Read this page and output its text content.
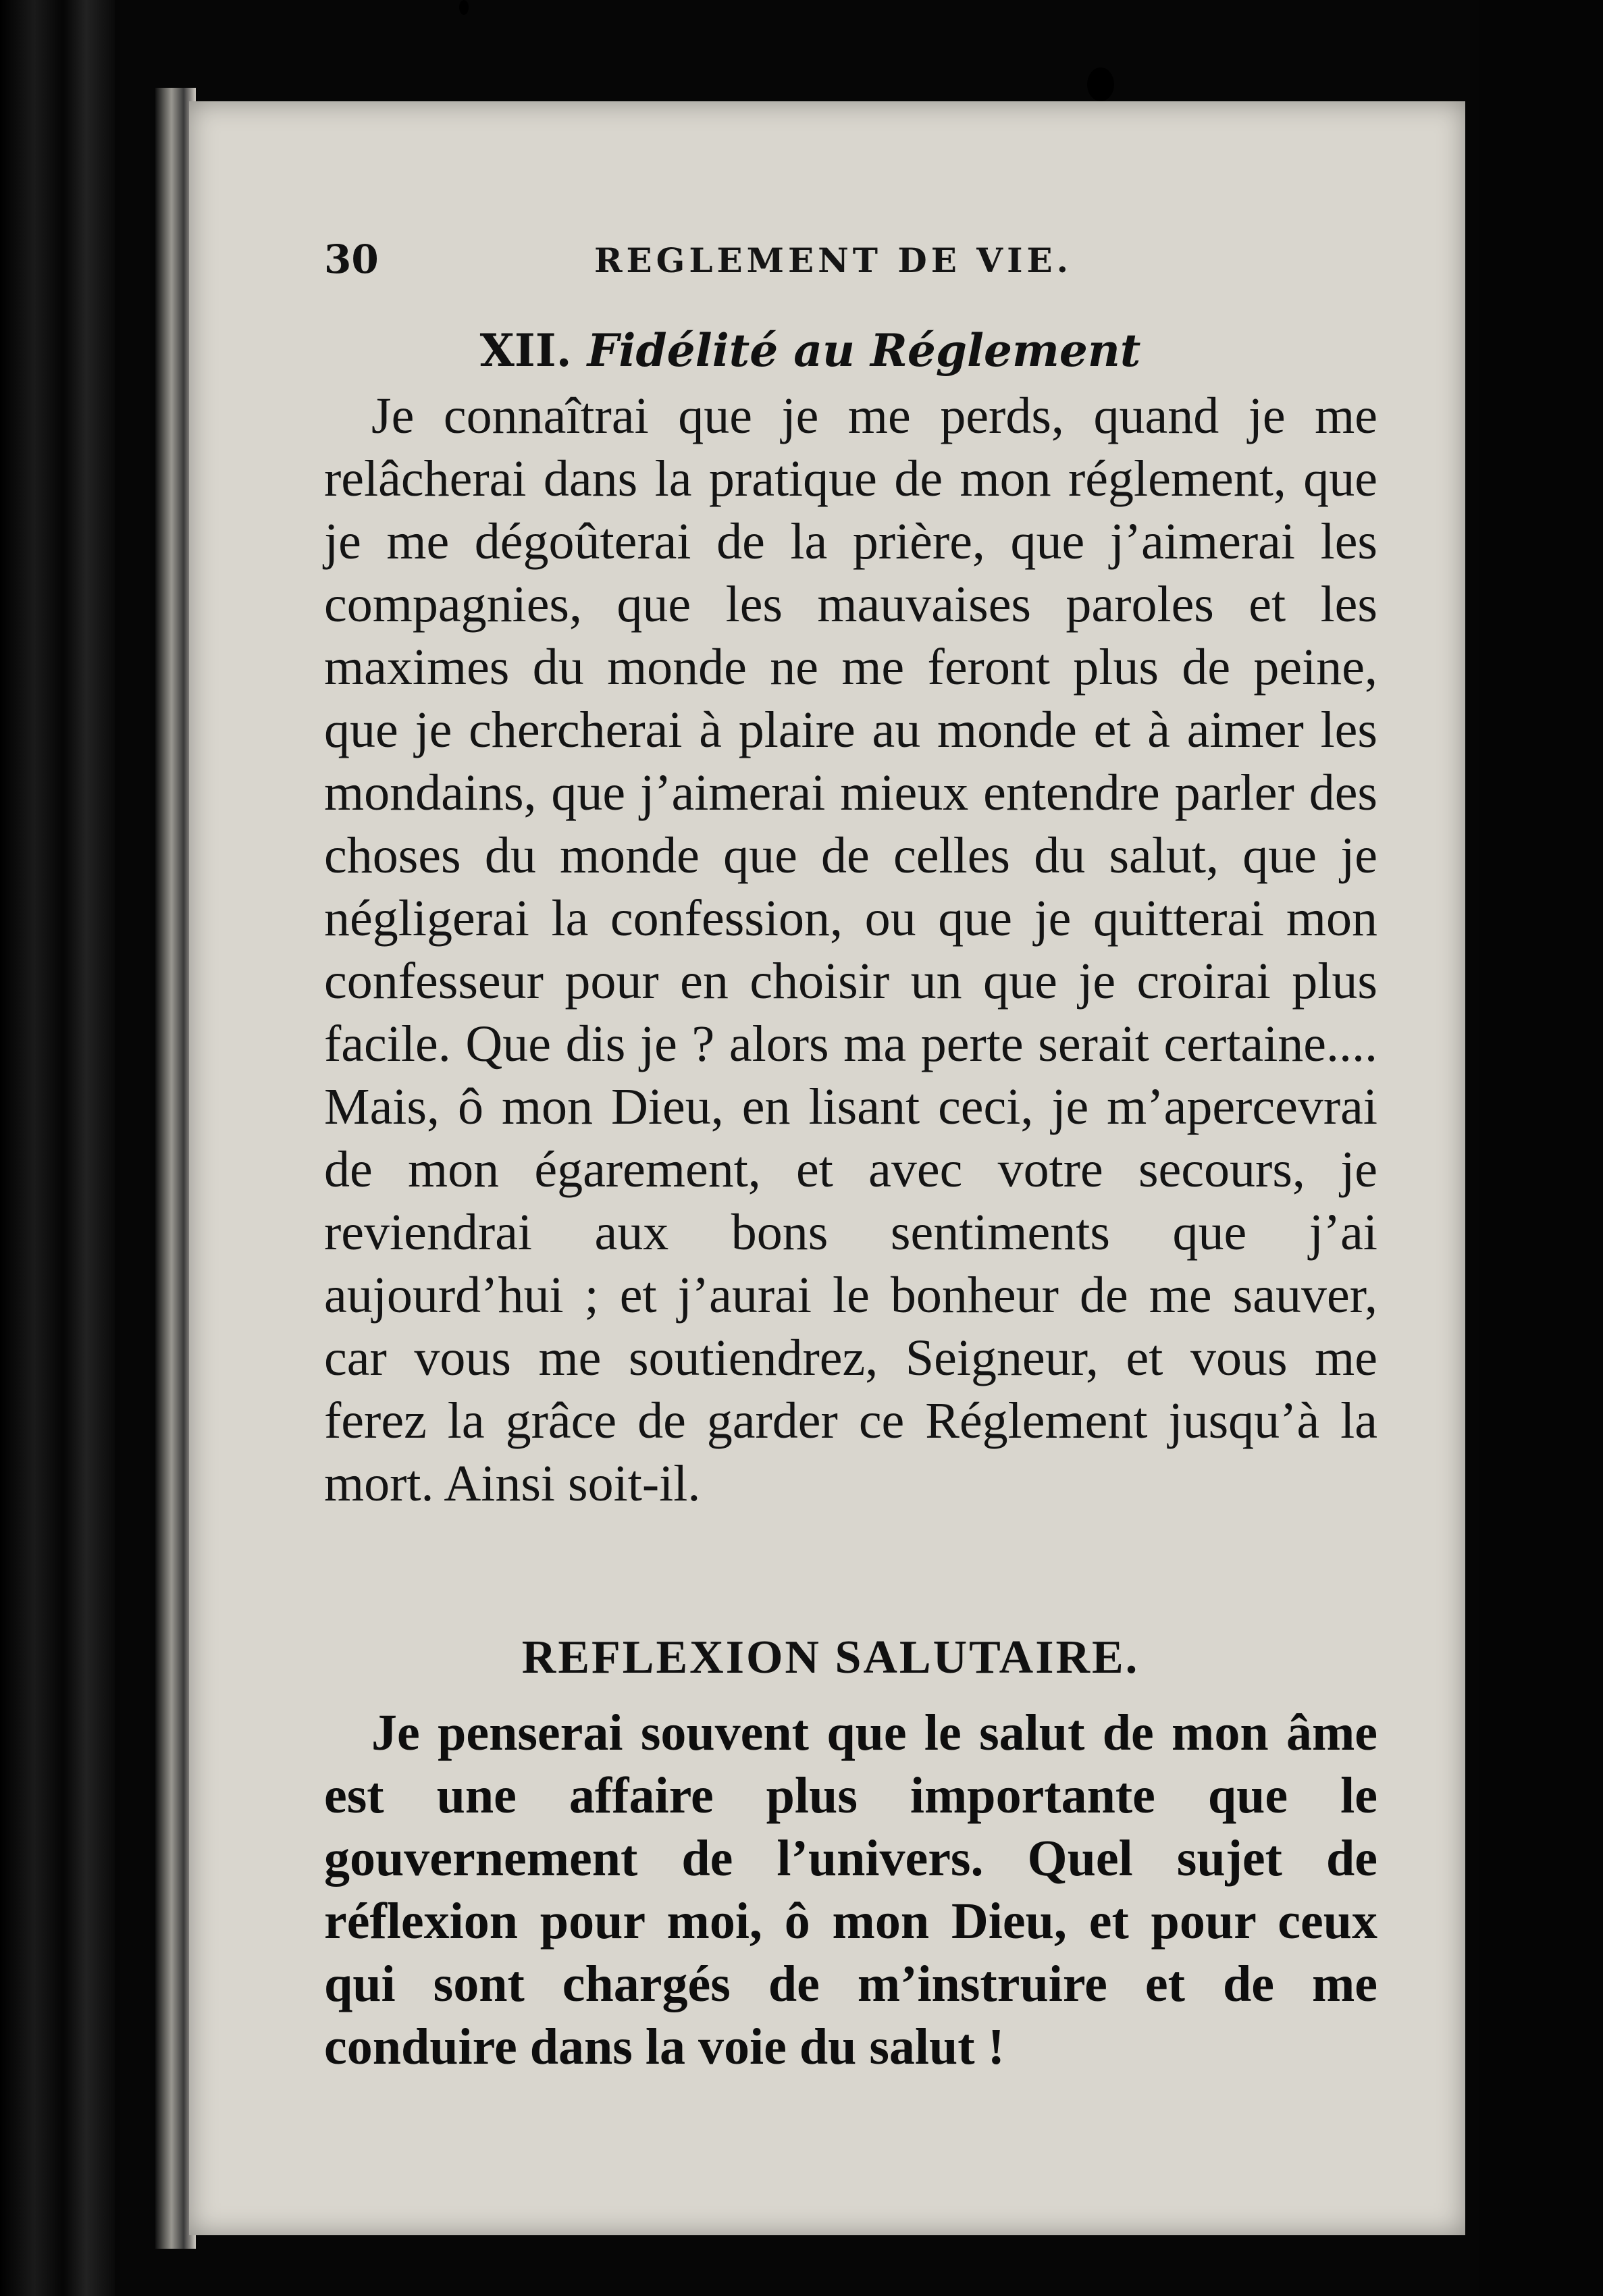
30	REGLEMENT DE VIE.
XII. Fidélité au Réglement

Je connaîtrai que je me perds, quand je me relâcherai dans la pratique de mon réglement, que je me dégoûterai de la prière, que j’aimerai les compagnies, que les mauvaises paroles et les maximes du monde ne me feront plus de peine, que je chercherai à plaire au monde et à aimer les mondains, que j’aimerai mieux entendre parler des choses du monde que de celles du salut, que je négligerai la confession, ou que je quitterai mon confesseur pour en choisir un que je croirai plus facile. Que dis je ? alors ma perte serait certaine.... Mais, ô mon Dieu, en lisant ceci, je m’apercevrai de mon égarement, et avec votre secours, je reviendrai aux bons sentiments que j’ai aujourd’hui ; et j’aurai le bonheur de me sauver, car vous me soutiendrez, Seigneur, et vous me ferez la grâce de garder ce Réglement jusqu’à la mort. Ainsi soit-il.

REFLEXION SALUTAIRE.

Je penserai souvent que le salut de mon âme est une affaire plus importante que le gouvernement de l’univers. Quel sujet de réflexion pour moi, ô mon Dieu, et pour ceux qui sont chargés de m’instruire et de me conduire dans la voie du salut !
